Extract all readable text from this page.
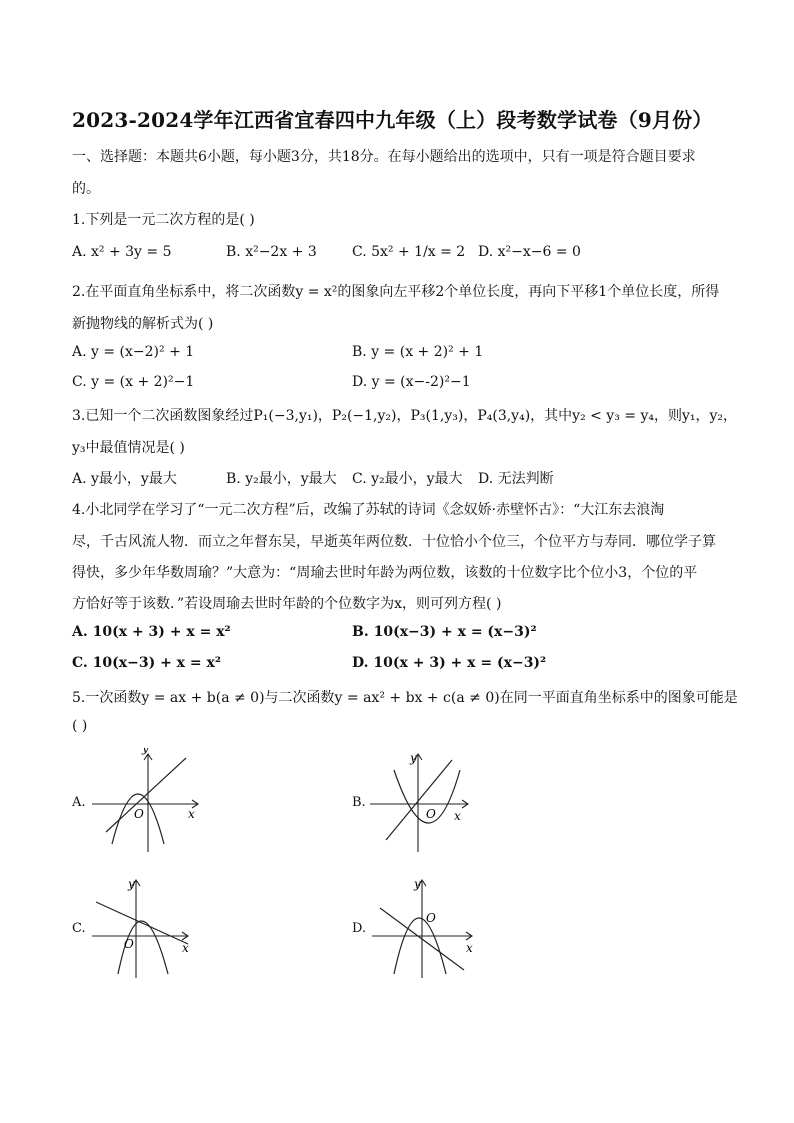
2023-2024学年江西省宜春四中九年级（上）段考数学试卷（9月份）
一、选择题：本题共6小题，每小题3分，共18分。在每小题给出的选项中，只有一项是符合题目要求
的。
1.下列是一元二次方程的是( )
A. x² + 3y = 5	B. x²−2x + 3	C. 5x² + 1/x = 2 D. x²−x−6 = 0
2.在平面直角坐标系中，将二次函数y = x²的图象向左平移2个单位长度，再向下平移1个单位长度，所得
新抛物线的解析式为( )
A. y = (x−2)² + 1	B. y = (x + 2)² + 1
C. y = (x + 2)²−1	D. y = (x−-2)²−1
3.已知一个二次函数图象经过P₁(−3,y₁)，P₂(−1,y₂)，P₃(1,y₃)，P₄(3,y₄)，其中y₂ < y₃ = y₄，则y₁，y₂，
y₃中最值情况是( )
A. y最小，y最大	B. y₂最小，y最大 C. y₂最小，y最大 D. 无法判断
4.小北同学在学习了“一元二次方程”后，改编了苏轼的诗词《念奴娇·赤壁怀古》：“大江东去浪淘
尽，千古风流人物．而立之年督东吴，早逝英年两位数．十位恰小个位三，个位平方与寿同．哪位学子算
得快，多少年华数周瑜？”大意为：“周瑜去世时年龄为两位数，该数的十位数字比个位小3，个位的平
方恰好等于该数．”若设周瑜去世时年龄的个位数字为x，则可列方程( )
A. 10(x + 3) + x = x²	B. 10(x−3) + x = (x−3)²
C. 10(x−3) + x = x²	D. 10(x + 3) + x = (x−3)²
5.一次函数y = ax + b(a ≠ 0)与二次函数y = ax² + bx + c(a ≠ 0)在同一平面直角坐标系中的图象可能是
( )
A.
y
x
O
B.
y
x
O
C.
y
x
O
D.
y
x
O
